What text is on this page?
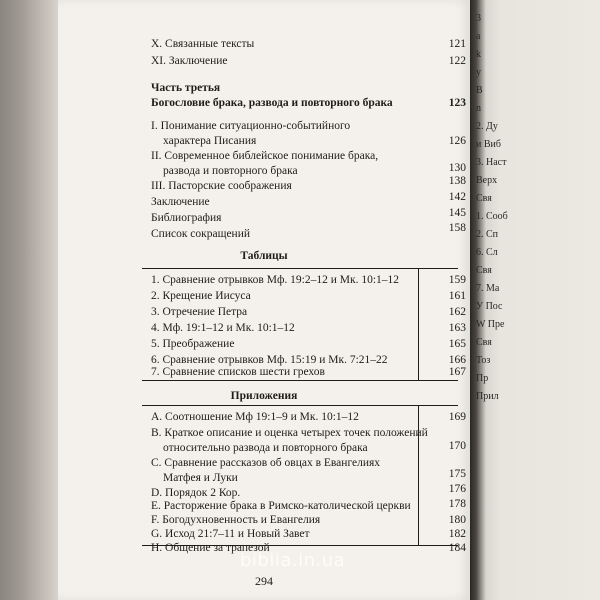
X. Связанные тексты	121
XI. Заключение	122
Часть третья
Богословие брака, развода и повторного брака	123
I. Понимание ситуационно-событийного
характера Писания	126
II. Современное библейское понимание брака,
развода и повторного брака	130
III. Пасторские соображения	138
Заключение	142
Библиография	145
Список сокращений	158
Таблицы
1. Сравнение отрывков Мф. 19:2–12 и Мк. 10:1–12	159
2. Крещение Иисуса	161
3. Отречение Петра	162
4. Мф. 19:1–12 и Мк. 10:1–12	163
5. Преображение	165
6. Сравнение отрывков Мф. 15:19 и Мк. 7:21–22	166
7. Сравнение списков шести грехов	167
Приложения
A. Соотношение Мф 19:1–9 и Мк. 10:1–12	169
B. Краткое описание и оценка четырех точек положений
относительно развода и повторного брака	170
C. Сравнение рассказов об овцах в Евангелиях
Матфея и Луки	175
D. Порядок 2 Кор.	176
E. Расторжение брака в Римско-католической церкви	178
F. Богодухновенность и Евангелия	180
G. Исход 21:7–11 и Новый Завет	182
H. Общение за трапезой	184
294
3
a
k
y
B
n
2. Ду
и Виб
3. Наст
Верх
Свя
1. Сооб
2. Сп
6. Сл
Свя
7. Ма
У Пос
W Пре
Свя
Тоз
Пр
Прил
biblia.in.ua
